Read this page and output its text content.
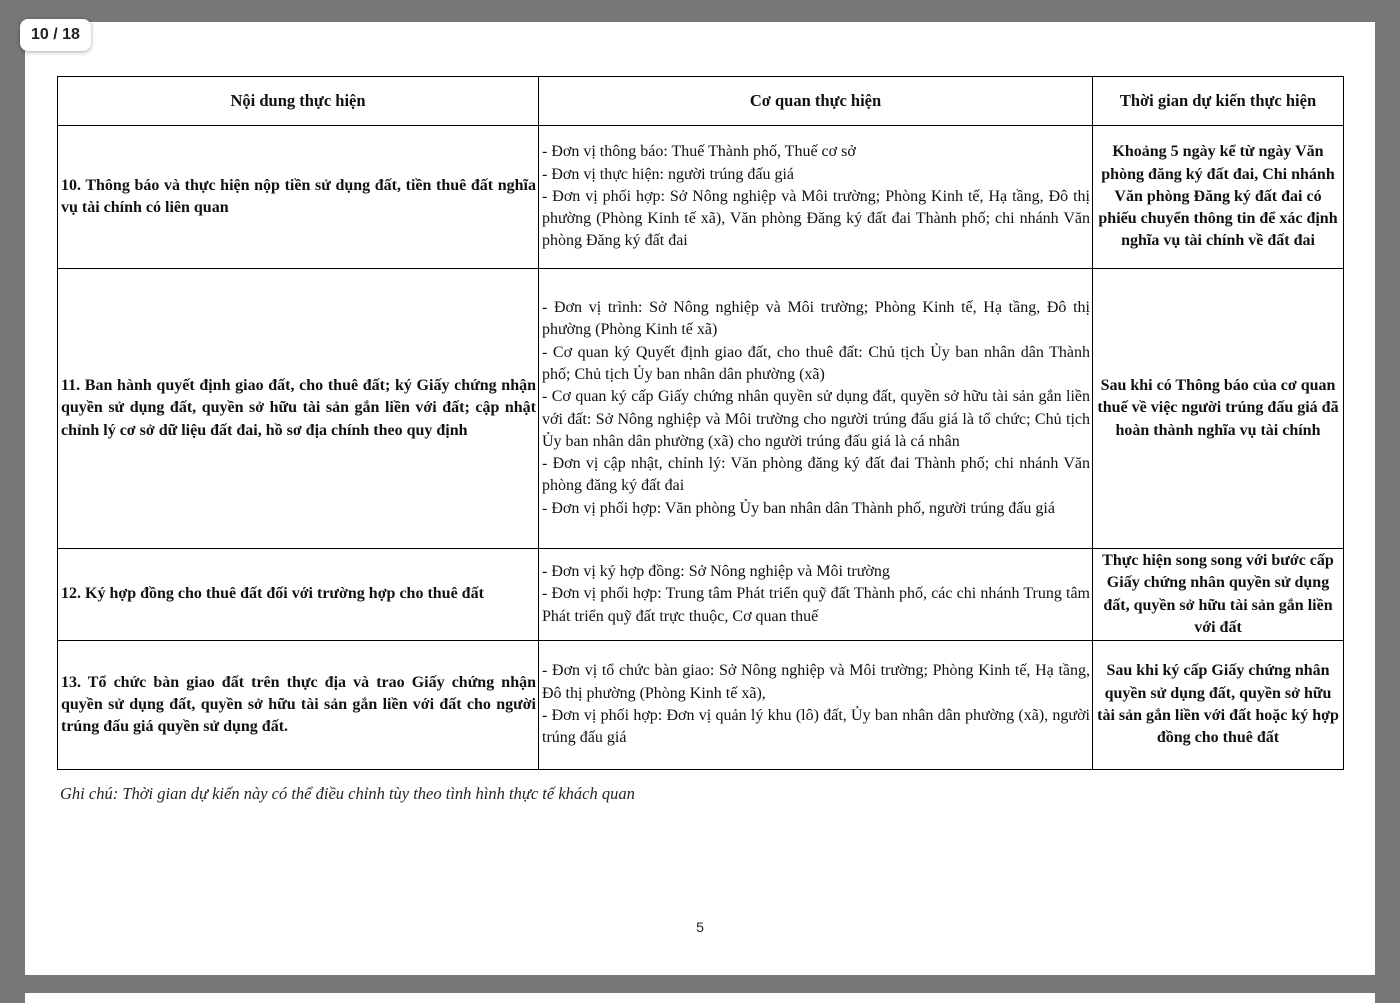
10 / 18
Nội dung thực hiện	Cơ quan thực hiện	Thời gian dự kiến thực hiện
10. Thông báo và thực hiện nộp tiền sử dụng đất, tiền thuê đất nghĩa vụ tài chính có liên quan	- Đơn vị thông báo: Thuế Thành phố, Thuế cơ sở
- Đơn vị thực hiện: người trúng đấu giá
- Đơn vị phối hợp: Sở Nông nghiệp và Môi trường; Phòng Kinh tế, Hạ tầng, Đô thị phường (Phòng Kinh tế xã), Văn phòng Đăng ký đất đai Thành phố; chi nhánh Văn phòng Đăng ký đất đai	Khoảng 5 ngày kể từ ngày Văn phòng đăng ký đất đai, Chi nhánh Văn phòng Đăng ký đất đai có phiếu chuyển thông tin để xác định nghĩa vụ tài chính về đất đai
11. Ban hành quyết định giao đất, cho thuê đất; ký Giấy chứng nhận quyền sử dụng đất, quyền sở hữu tài sản gắn liền với đất; cập nhật chỉnh lý cơ sở dữ liệu đất đai, hồ sơ địa chính theo quy định	- Đơn vị trình: Sở Nông nghiệp và Môi trường; Phòng Kinh tế, Hạ tầng, Đô thị phường (Phòng Kinh tế xã)
- Cơ quan ký Quyết định giao đất, cho thuê đất: Chủ tịch Ủy ban nhân dân Thành phố; Chủ tịch Ủy ban nhân dân phường (xã)
- Cơ quan ký cấp Giấy chứng nhân quyền sử dụng đất, quyền sở hữu tài sản gắn liền với đất: Sở Nông nghiệp và Môi trường cho người trúng đấu giá là tổ chức; Chủ tịch Ủy ban nhân dân phường (xã) cho người trúng đấu giá là cá nhân
- Đơn vị cập nhật, chỉnh lý: Văn phòng đăng ký đất đai Thành phố; chi nhánh Văn phòng đăng ký đất đai
- Đơn vị phối hợp: Văn phòng Ủy ban nhân dân Thành phố, người trúng đấu giá	Sau khi có Thông báo của cơ quan thuế về việc người trúng đấu giá đã hoàn thành nghĩa vụ tài chính
12. Ký hợp đồng cho thuê đất đối với trường hợp cho thuê đất	- Đơn vị ký hợp đồng: Sở Nông nghiệp và Môi trường
- Đơn vị phối hợp: Trung tâm Phát triển quỹ đất Thành phố, các chi nhánh Trung tâm Phát triển quỹ đất trực thuộc, Cơ quan thuế	Thực hiện song song với bước cấp Giấy chứng nhân quyền sử dụng đất, quyền sở hữu tài sản gắn liền với đất
13. Tổ chức bàn giao đất trên thực địa và trao Giấy chứng nhận quyền sử dụng đất, quyền sở hữu tài sản gắn liền với đất cho người trúng đấu giá quyền sử dụng đất.	- Đơn vị tổ chức bàn giao: Sở Nông nghiệp và Môi trường; Phòng Kinh tế, Hạ tầng, Đô thị phường (Phòng Kinh tế xã),
- Đơn vị phối hợp: Đơn vị quản lý khu (lô) đất, Ủy ban nhân dân phường (xã), người trúng đấu giá	Sau khi ký cấp Giấy chứng nhân quyền sử dụng đất, quyền sở hữu tài sản gắn liền với đất hoặc ký hợp đồng cho thuê đất
Ghi chú: Thời gian dự kiến này có thể điều chỉnh tùy theo tình hình thực tế khách quan
5
